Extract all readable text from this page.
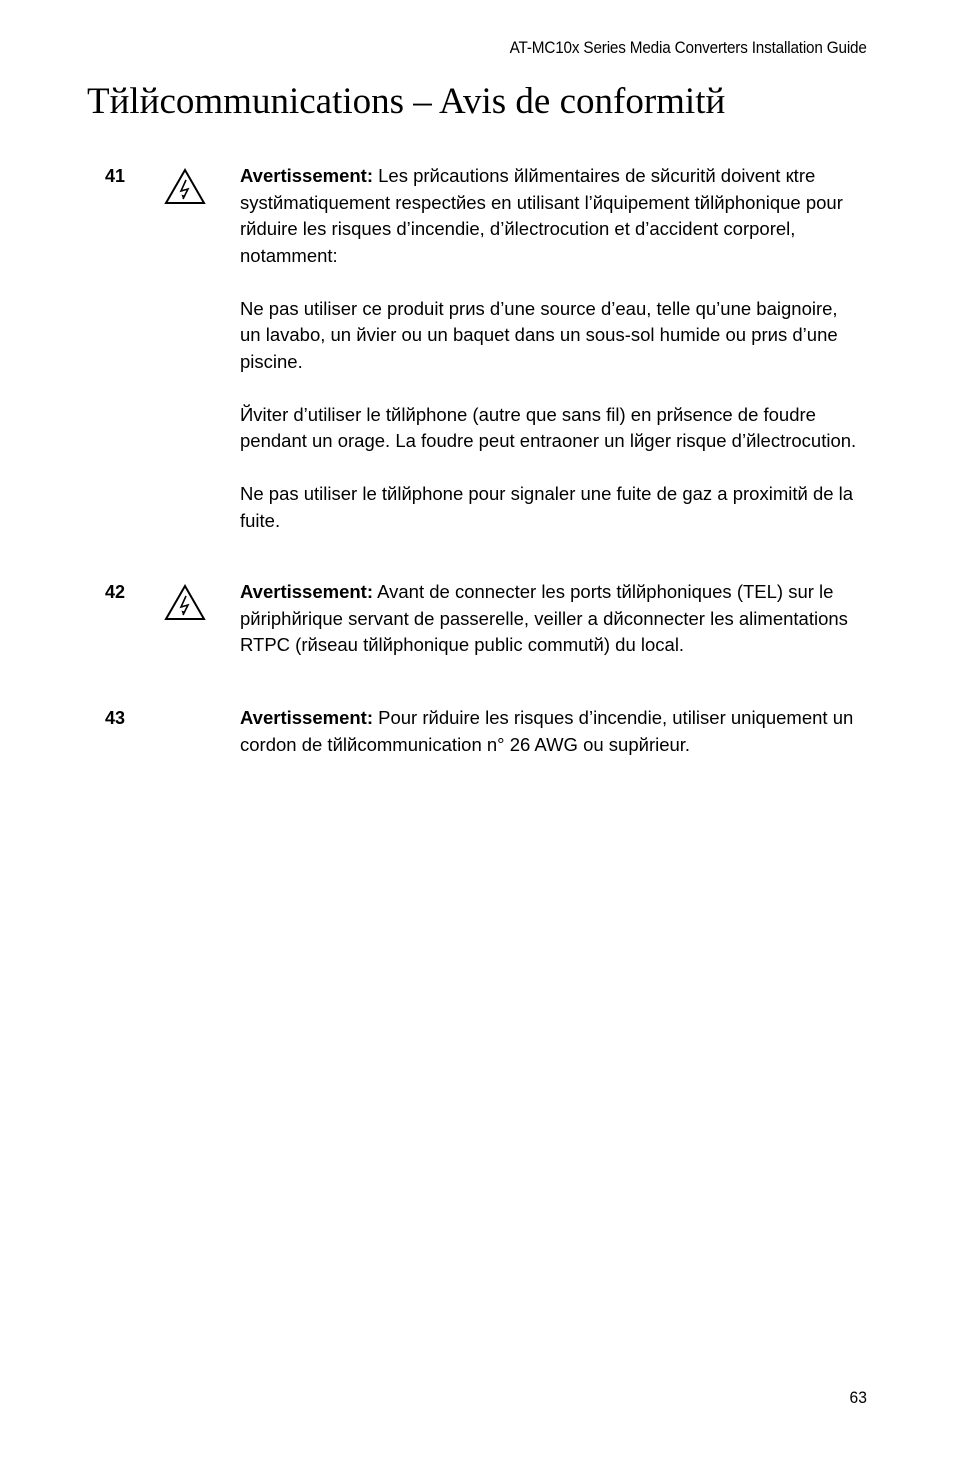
AT-MC10x Series Media Converters Installation Guide
Tйlйcommunications – Avis de conformitй
41	Avertissement: Les prйcautions йlйmentaires de sйcuritй doivent кtre systйmatiquement respectйes en utilisant l’йquipement tйlйphonique pour rйduire les risques d’incendie, d’йlectrocution et d’accident corporel, notamment:

Ne pas utiliser ce produit prиs d’une source d’eau, telle qu’une baignoire, un lavabo, un йvier ou un baquet dans un sous-sol humide ou prиs d’une piscine.

Йviter d’utiliser le tйlйphone (autre que sans fil) en prйsence de foudre pendant un orage. La foudre peut entraоner un lйger risque d’йlectrocution.

Ne pas utiliser le tйlйphone pour signaler une fuite de gaz a proximitй de la fuite.

42	Avertissement: Avant de connecter les ports tйlйphoniques (TEL) sur le pйriphйrique servant de passerelle, veiller a dйconnecter les alimentations RTPC (rйseau tйlйphonique public commutй) du local.

43	Avertissement: Pour rйduire les risques d’incendie, utiliser uniquement un cordon de tйlйcommunication n° 26 AWG ou supйrieur.

63
